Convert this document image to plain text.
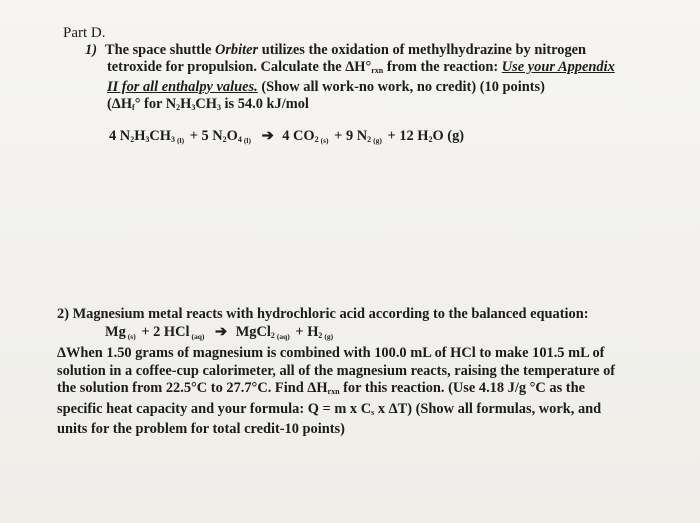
Part D.
1) The space shuttle Orbiter utilizes the oxidation of methylhydrazine by nitrogen
tetroxide for propulsion. Calculate the $\Delta H^\circ_{rxn}$ from the reaction: Use your Appendix
II for all enthalpy values. (Show all work-no work, no credit) (10 points)
($\Delta H_f^\circ$ for $N_2H_3CH_3$ is 54.0 kJ/mol
4 $N_2H_3CH_3$ $_{(l)}$ + 5 $N_2O_4$ $_{(l)}$ ➔ 4 $CO_2$ $_{(s)}$ + 9 $N_2$ $_{(g)}$ + 12 $H_2O$ (g)
2) Magnesium metal reacts with hydrochloric acid according to the balanced equation:
Mg $_{(s)}$ + 2 HCl $_{(aq)}$ ➔ MgCl$_2$ $_{(aq)} + H_2$ $_{(g)}$
ΔWhen 1.50 grams of magnesium is combined with 100.0 mL of HCl to make 101.5 mL of
solution in a coffee-cup calorimeter, all of the magnesium reacts, raising the temperature of
the solution from 22.5°C to 27.7°C. Find $\Delta H_{rxn}$ for this reaction. (Use 4.18 J/g °C as the
specific heat capacity and your formula: Q = m x $C_s$ x ΔT) (Show all formulas, work, and
units for the problem for total credit-10 points)
